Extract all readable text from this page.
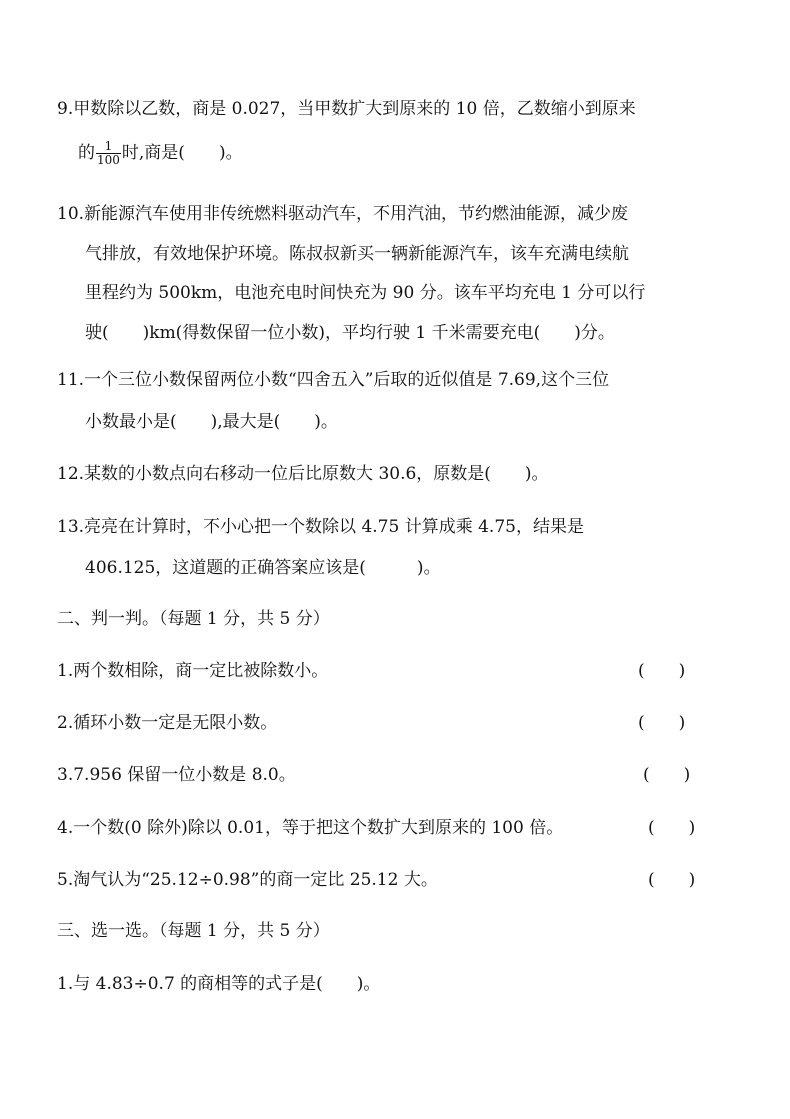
9.甲数除以乙数，商是 0.027，当甲数扩大到原来的 10 倍，乙数缩小到原来
的 $\frac{1}{100}$ 时,商是(　　)。
10.新能源汽车使用非传统燃料驱动汽车，不用汽油，节约燃油能源，减少废
气排放，有效地保护环境。陈叔叔新买一辆新能源汽车，该车充满电续航
里程约为 500km，电池充电时间快充为 90 分。该车平均充电 1 分可以行
驶(　　)km(得数保留一位小数)，平均行驶 1 千米需要充电(　　)分。
11.一个三位小数保留两位小数“四舍五入”后取的近似值是 7.69,这个三位
小数最小是(　　),最大是(　　)。
12.某数的小数点向右移动一位后比原数大 30.6，原数是(　　)。
13.亮亮在计算时，不小心把一个数除以 4.75 计算成乘 4.75，结果是
406.125，这道题的正确答案应该是(　　　)。
二、判一判。（每题 1 分，共 5 分）
1.两个数相除，商一定比被除数小。	(　　)
2.循环小数一定是无限小数。	(　　)
3.7.956 保留一位小数是 8.0。	(　　)
4.一个数(0 除外)除以 0.01，等于把这个数扩大到原来的 100 倍。	(　　)
5.淘气认为“25.12÷0.98”的商一定比 25.12 大。	(　　)
三、选一选。（每题 1 分，共 5 分）
1.与 4.83÷0.7 的商相等的式子是(　　)。
